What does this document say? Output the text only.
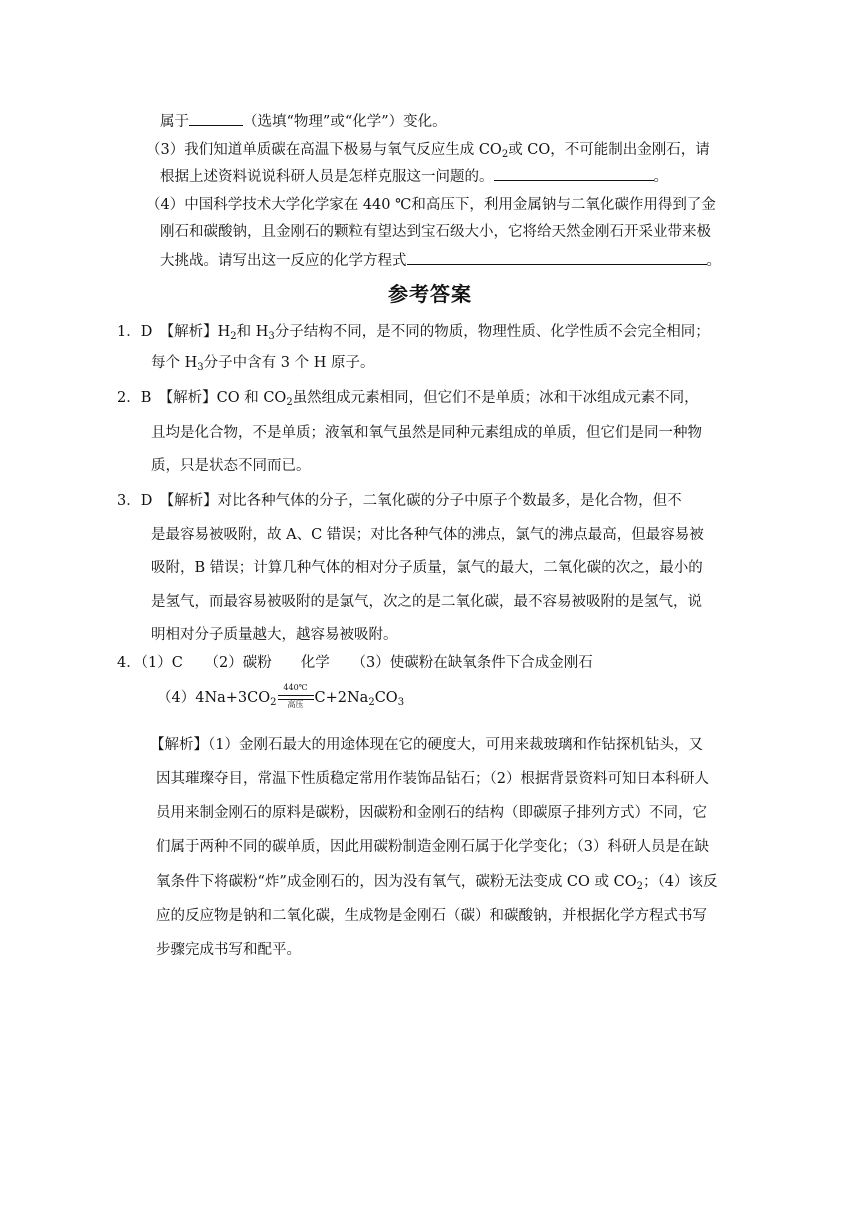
属于	（选填“物理”或“化学”）变化。
（3）我们知道单质碳在高温下极易与氧气反应生成 $CO_2$或 CO，不可能制出金刚石，请
根据上述资料说说科研人员是怎样克服这一问题的。	。
（4）中国科学技术大学化学家在 440 ℃和高压下，利用金属钠与二氧化碳作用得到了金
刚石和碳酸钠，且金刚石的颗粒有望达到宝石级大小，它将给天然金刚石开采业带来极
大挑战。请写出这一反应的化学方程式	。
参考答案
1．D　【解析】$H_2$和 $H_3$分子结构不同，是不同的物质，物理性质、化学性质不会完全相同；
每个 $H_3$分子中含有 3 个 H 原子。
2．B　【解析】CO 和 $CO_2$虽然组成元素相同，但它们不是单质；冰和干冰组成元素不同，
且均是化合物，不是单质；液氧和氧气虽然是同种元素组成的单质，但它们是同一种物
质，只是状态不同而已。
3．D　【解析】对比各种气体的分子，二氧化碳的分子中原子个数最多，是化合物，但不
是最容易被吸附，故 A、C 错误；对比各种气体的沸点，氯气的沸点最高，但最容易被
吸附，B 错误；计算几种气体的相对分子质量，氯气的最大，二氧化碳的次之，最小的
是氢气，而最容易被吸附的是氯气，次之的是二氧化碳，最不容易被吸附的是氢气，说
明相对分子质量越大，越容易被吸附。
4．（1）C　　（2）碳粉　　化学　　（3）使碳粉在缺氧条件下合成金刚石
$(4)4Na+3CO_2$
440℃
高压 $C+2Na_2CO_3$
【解析】（1）金刚石最大的用途体现在它的硬度大，可用来裁玻璃和作钻探机钻头，又
因其璀璨夺目，常温下性质稳定常用作装饰品钻石；（2）根据背景资料可知日本科研人
员用来制金刚石的原料是碳粉，因碳粉和金刚石的结构（即碳原子排列方式）不同，它
们属于两种不同的碳单质，因此用碳粉制造金刚石属于化学变化；（3）科研人员是在缺
氧条件下将碳粉“炸”成金刚石的，因为没有氧气，碳粉无法变成 CO 或 $CO_2$；（4）该反
应的反应物是钠和二氧化碳，生成物是金刚石（碳）和碳酸钠，并根据化学方程式书写
步骤完成书写和配平。
